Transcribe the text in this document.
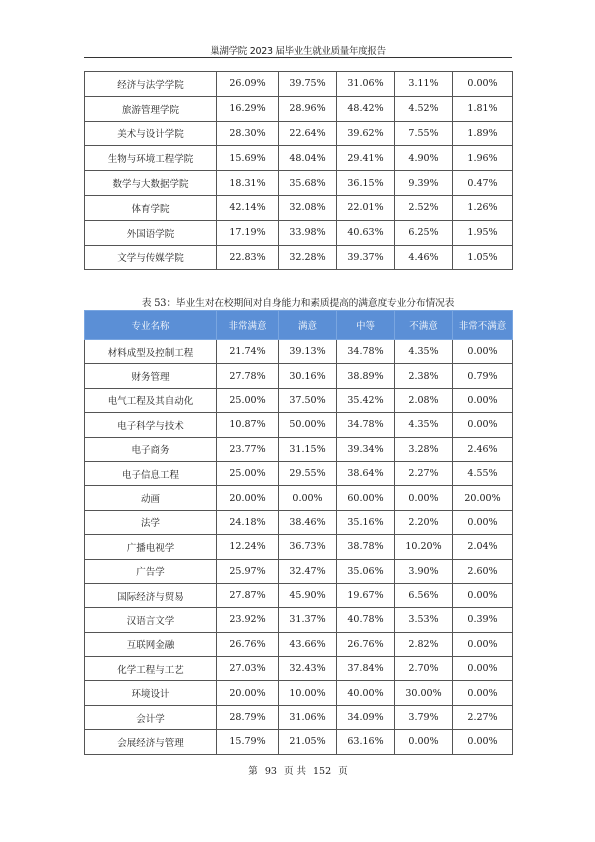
巢湖学院 2023 届毕业生就业质量年度报告
经济与法学学院	26.09%	39.75%	31.06%	3.11%	0.00%
旅游管理学院	16.29%	28.96%	48.42%	4.52%	1.81%
美术与设计学院	28.30%	22.64%	39.62%	7.55%	1.89%
生物与环境工程学院	15.69%	48.04%	29.41%	4.90%	1.96%
数学与大数据学院	18.31%	35.68%	36.15%	9.39%	0.47%
体育学院	42.14%	32.08%	22.01%	2.52%	1.26%
外国语学院	17.19%	33.98%	40.63%	6.25%	1.95%
文学与传媒学院	22.83%	32.28%	39.37%	4.46%	1.05%
表 53：毕业生对在校期间对自身能力和素质提高的满意度专业分布情况表
专业名称	非常满意	满意	中等	不满意	非常不满意
材料成型及控制工程	21.74%	39.13%	34.78%	4.35%	0.00%
财务管理	27.78%	30.16%	38.89%	2.38%	0.79%
电气工程及其自动化	25.00%	37.50%	35.42%	2.08%	0.00%
电子科学与技术	10.87%	50.00%	34.78%	4.35%	0.00%
电子商务	23.77%	31.15%	39.34%	3.28%	2.46%
电子信息工程	25.00%	29.55%	38.64%	2.27%	4.55%
动画	20.00%	0.00%	60.00%	0.00%	20.00%
法学	24.18%	38.46%	35.16%	2.20%	0.00%
广播电视学	12.24%	36.73%	38.78%	10.20%	2.04%
广告学	25.97%	32.47%	35.06%	3.90%	2.60%
国际经济与贸易	27.87%	45.90%	19.67%	6.56%	0.00%
汉语言文学	23.92%	31.37%	40.78%	3.53%	0.39%
互联网金融	26.76%	43.66%	26.76%	2.82%	0.00%
化学工程与工艺	27.03%	32.43%	37.84%	2.70%	0.00%
环境设计	20.00%	10.00%	40.00%	30.00%	0.00%
会计学	28.79%	31.06%	34.09%	3.79%	2.27%
会展经济与管理	15.79%	21.05%	63.16%	0.00%	0.00%
第 93 页 共 152 页
